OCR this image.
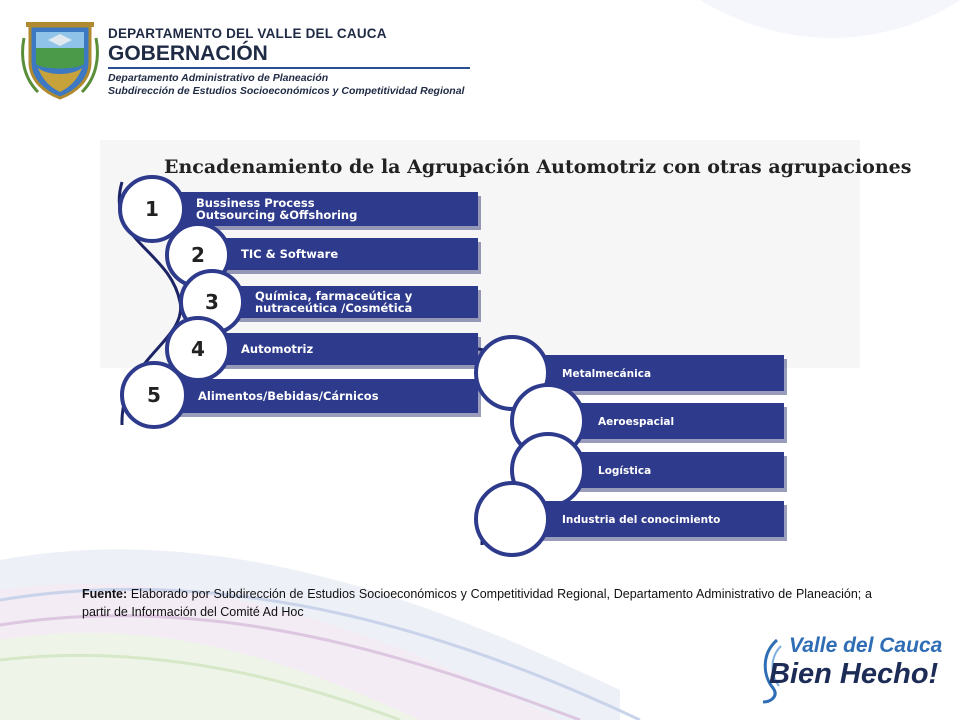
DEPARTAMENTO DEL VALLE DEL CAUCA
GOBERNACIÓN
Departamento Administrativo de Planeación
Subdirección de Estudios Socioeconómicos y Competitividad Regional
Encadenamiento de la Agrupación Automotriz con otras agrupaciones
1	Bussiness Process
Outsourcing &Offshoring
2	TIC & Software
3	Química, farmaceútica y
nutraceútica /Cosmética
4	Automotriz
5	Alimentos/Bebidas/Cárnicos
Metalmecánica
Aeroespacial
Logística
Industria del conocimiento
Fuente: Elaborado por Subdirección de Estudios Socioeconómicos y Competitividad Regional, Departamento Administrativo de Planeación; a partir de Información del Comité Ad Hoc
Valle del Cauca
Bien Hecho!
